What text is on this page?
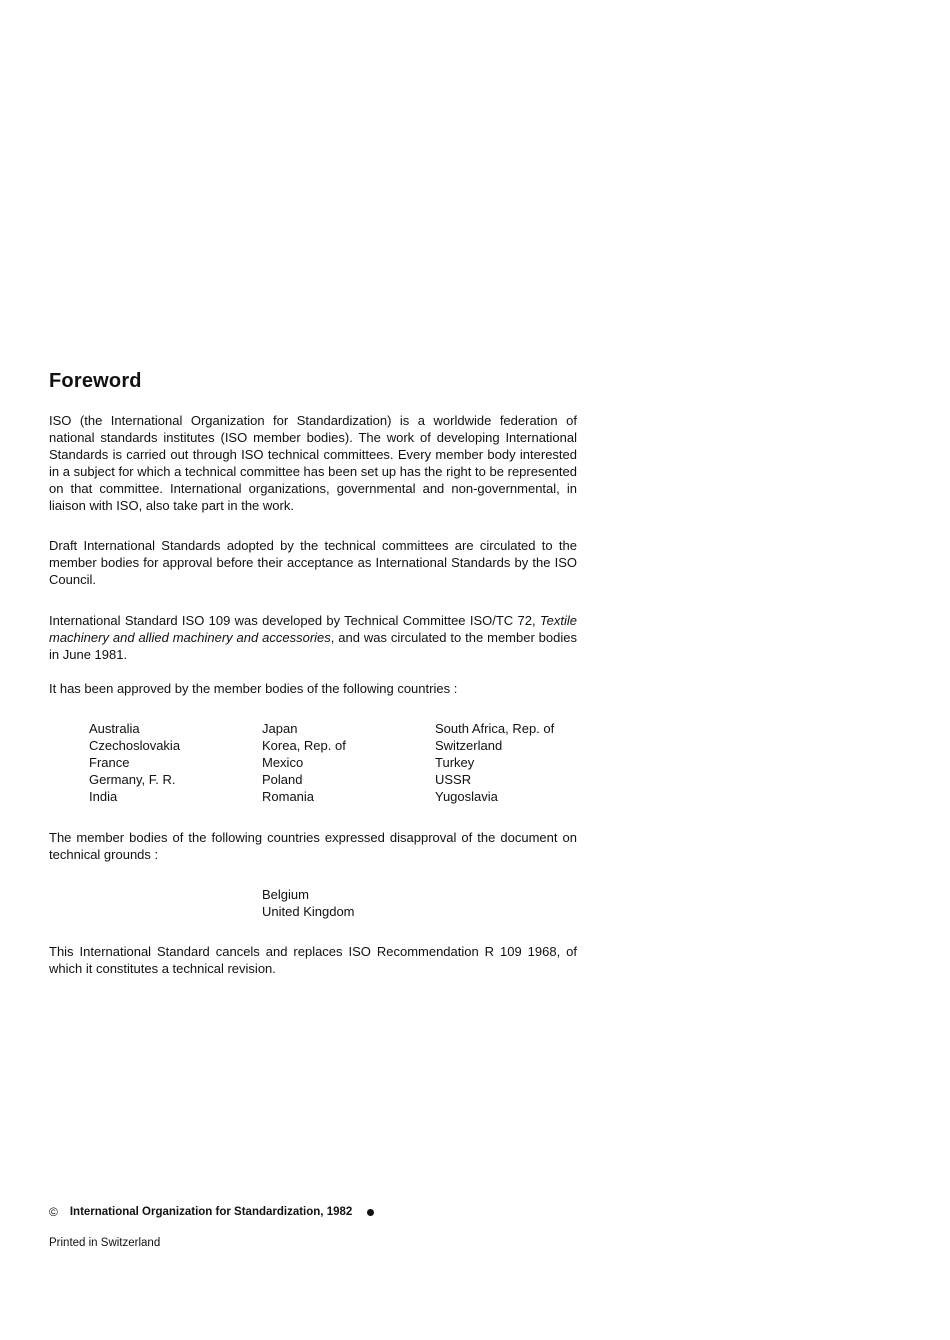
Foreword

ISO (the International Organization for Standardization) is a worldwide federation of national standards institutes (ISO member bodies). The work of developing International Standards is carried out through ISO technical committees. Every member body interested in a subject for which a technical committee has been set up has the right to be represented on that committee. International organizations, governmental and non-governmental, in liaison with ISO, also take part in the work.

Draft International Standards adopted by the technical committees are circulated to the member bodies for approval before their acceptance as International Standards by the ISO Council.

International Standard ISO 109 was developed by Technical Committee ISO/TC 72, Textile machinery and allied machinery and accessories, and was circulated to the member bodies in June 1981.

It has been approved by the member bodies of the following countries :

Australia
Czechoslovakia
France
Germany, F. R.
India
Japan
Korea, Rep. of
Mexico
Poland
Romania
South Africa, Rep. of
Switzerland
Turkey
USSR
Yugoslavia

The member bodies of the following countries expressed disapproval of the document on technical grounds :

Belgium
United Kingdom

This International Standard cancels and replaces ISO Recommendation R 109 1968, of which it constitutes a technical revision.

© International Organization for Standardization, 1982
Printed in Switzerland
